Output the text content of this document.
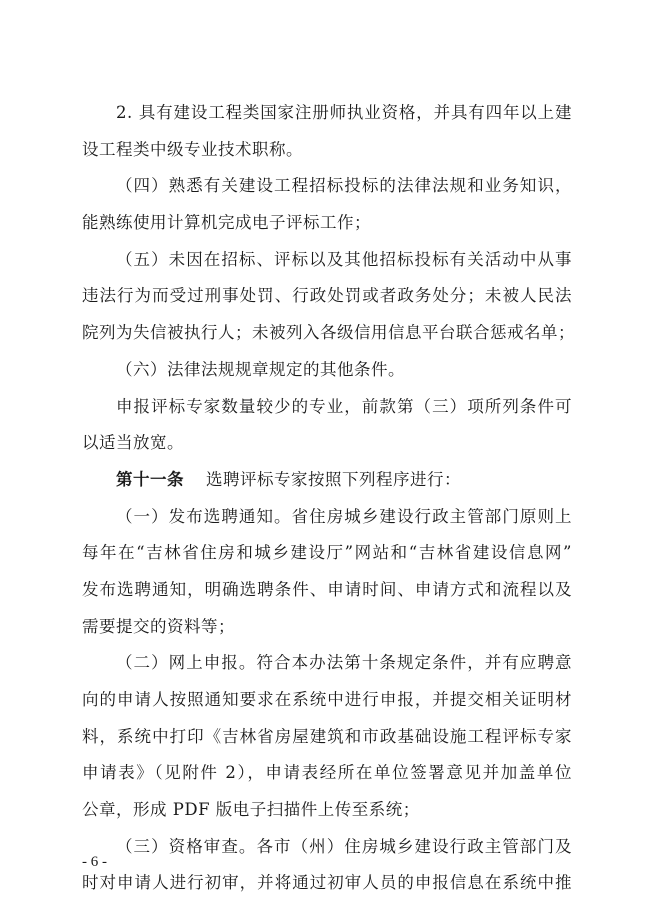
2. 具有建设工程类国家注册师执业资格，并具有四年以上建
设工程类中级专业技术职称。
（四）熟悉有关建设工程招标投标的法律法规和业务知识，
能熟练使用计算机完成电子评标工作；
（五）未因在招标、评标以及其他招标投标有关活动中从事
违法行为而受过刑事处罚、行政处罚或者政务处分；未被人民法
院列为失信被执行人；未被列入各级信用信息平台联合惩戒名单；
（六）法律法规规章规定的其他条件。
申报评标专家数量较少的专业，前款第（三）项所列条件可
以适当放宽。
第十一条 选聘评标专家按照下列程序进行：
（一）发布选聘通知。省住房城乡建设行政主管部门原则上
每年在“吉林省住房和城乡建设厅”网站和“吉林省建设信息网”
发布选聘通知，明确选聘条件、申请时间、申请方式和流程以及
需要提交的资料等；
（二）网上申报。符合本办法第十条规定条件，并有应聘意
向的申请人按照通知要求在系统中进行申报，并提交相关证明材
料，系统中打印《吉林省房屋建筑和市政基础设施工程评标专家
申请表》（见附件 2），申请表经所在单位签署意见并加盖单位
公章，形成 PDF 版电子扫描件上传至系统；
（三）资格审查。各市（州）住房城乡建设行政主管部门及
时对申请人进行初审，并将通过初审人员的申报信息在系统中推
- 6 -
